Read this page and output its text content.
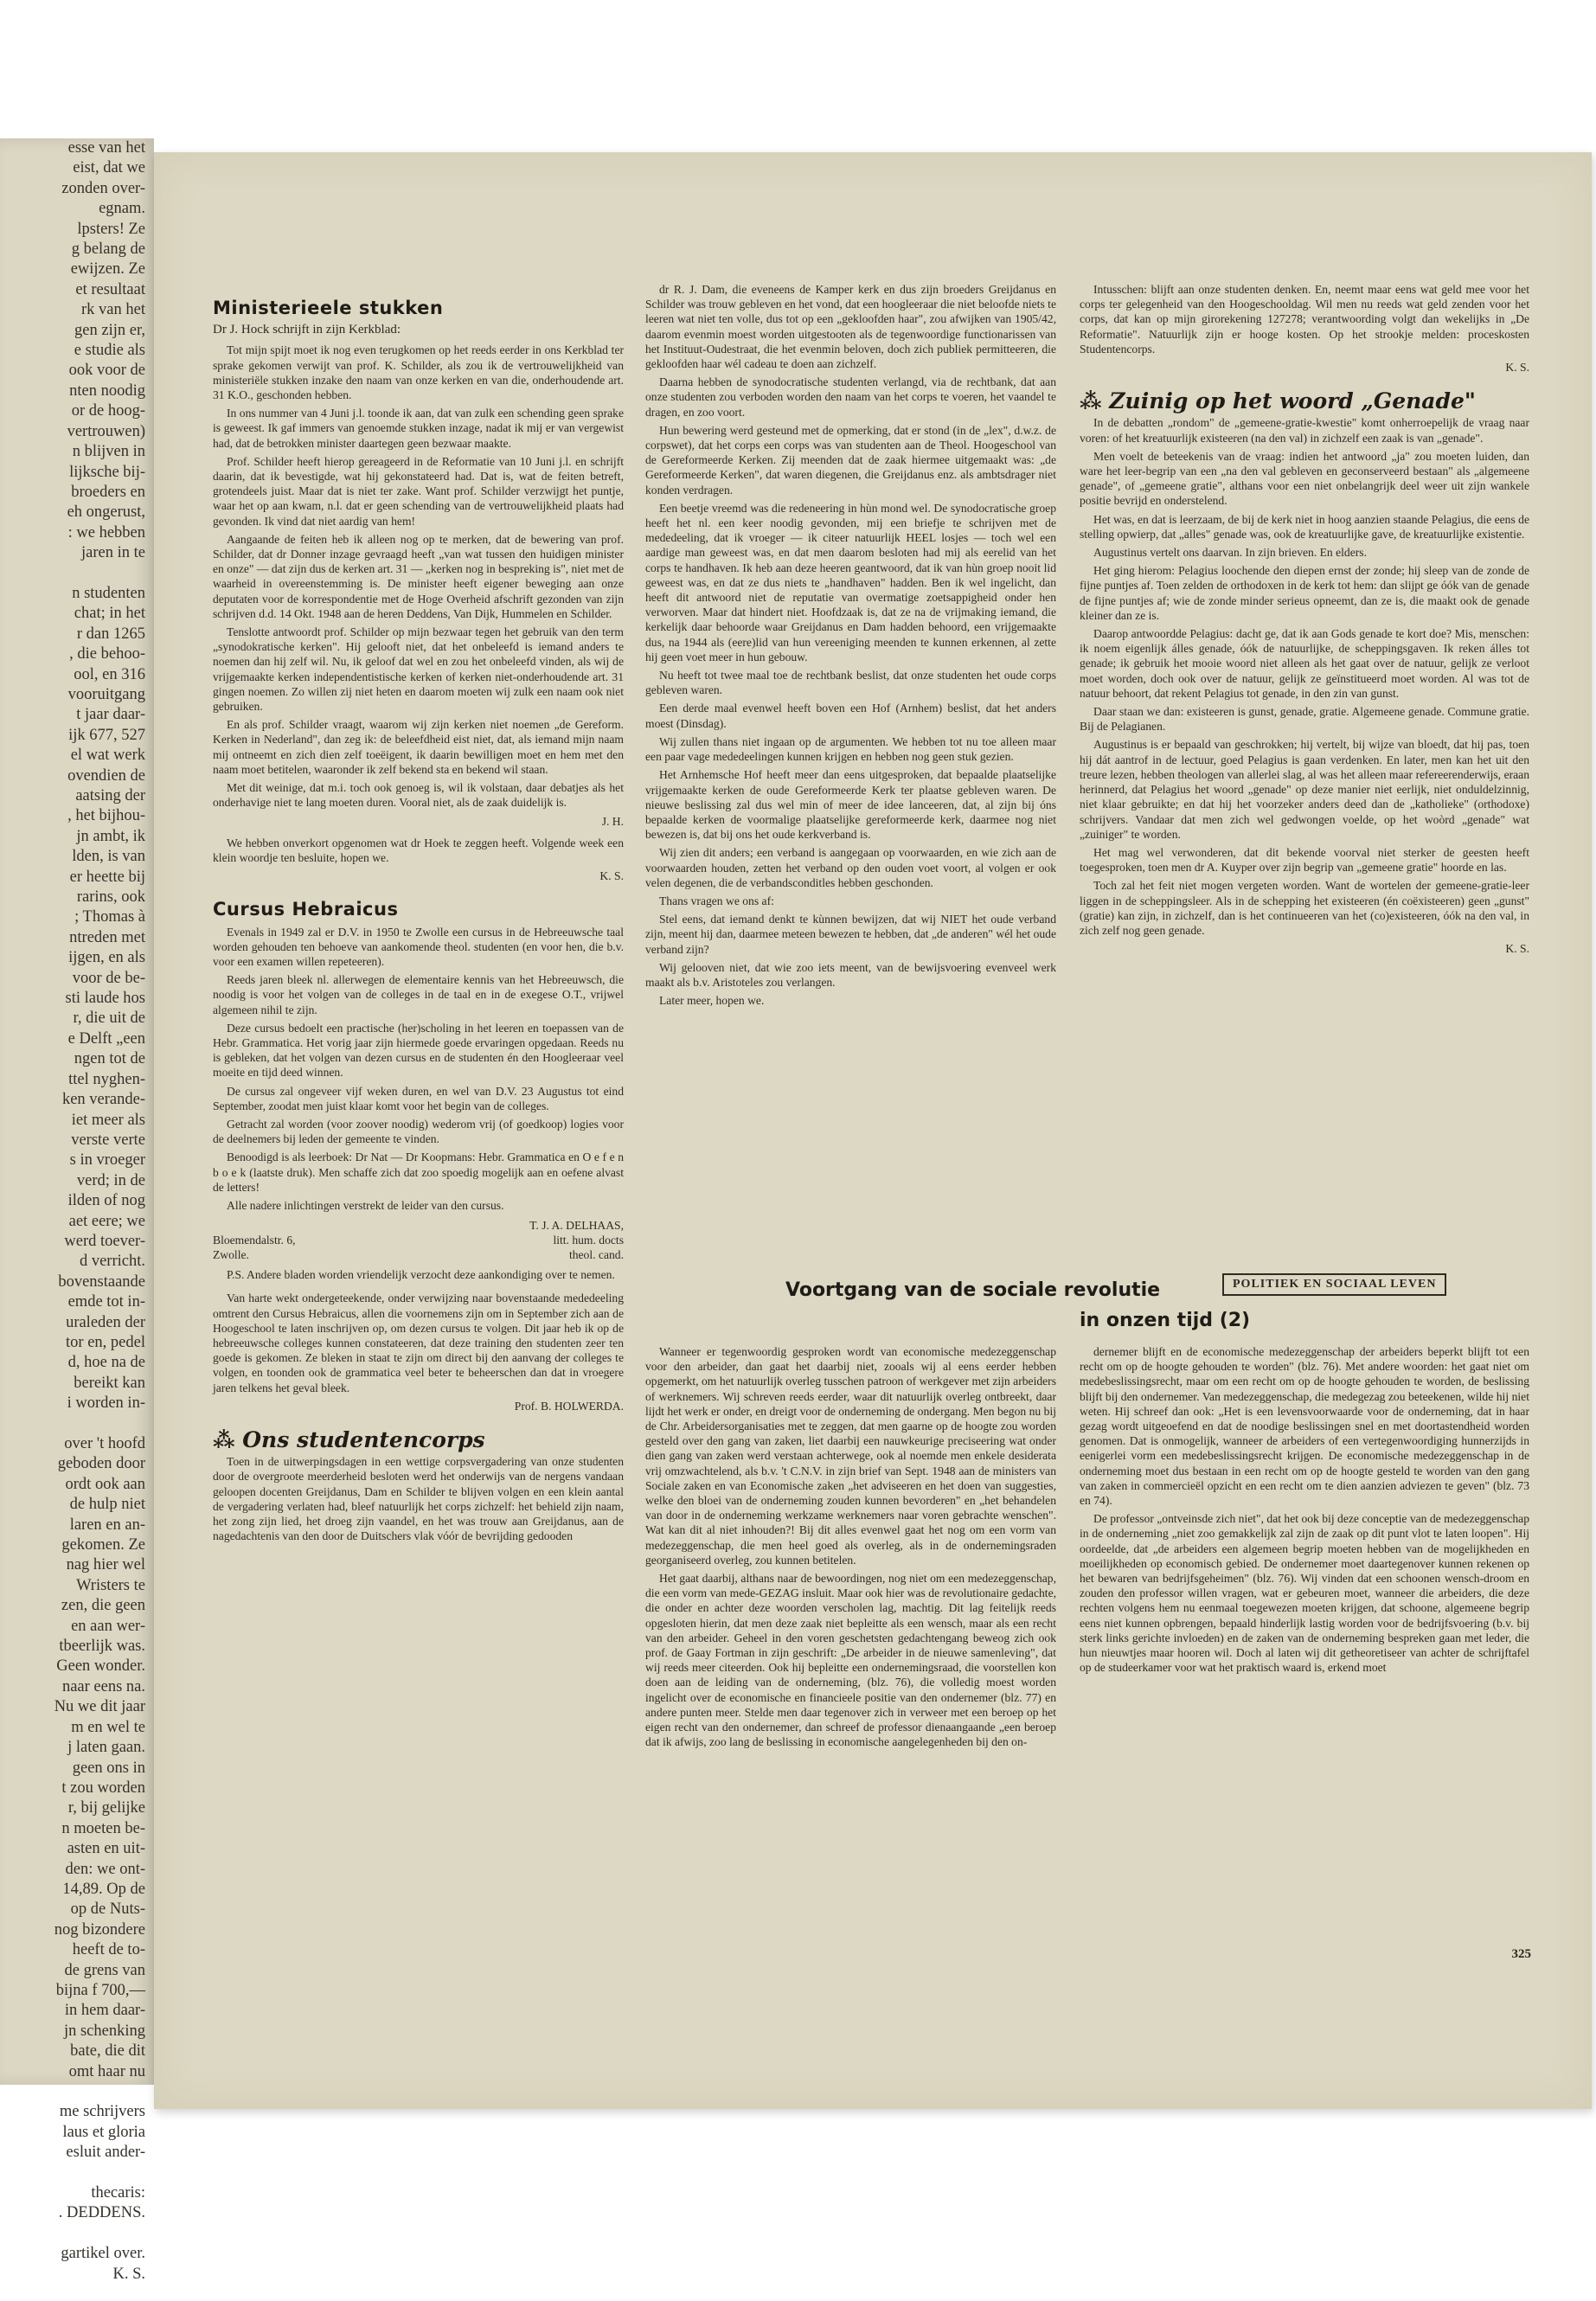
esse van het
eist, dat we
zonden over-
egnam.
lpsters! Ze
g belang de
ewijzen. Ze
et resultaat
rk van het
gen zijn er,
e studie als
ook voor de
nten noodig
or de hoog-
vertrouwen)
n blijven in
lijksche bij-
broeders en
eh ongerust,
: we hebben
jaren in te

n studenten
chat; in het
r dan 1265
, die behoo-
ool, en 316
vooruitgang
t jaar daar-
ijk 677, 527
el wat werk
ovendien de
aatsing der
, het bijhou-
jn ambt, ik
lden, is van
er heette bij
rarins, ook
; Thomas à
ntreden met
ijgen, en als
voor de be-
sti laude hos
r, die uit de
e Delft „een
ngen tot de
ttel nyghen-
ken verande-
iet meer als
verste verte
s in vroeger
verd; in de
ilden of nog
aet eere; we
werd toever-
d verricht.
bovenstaande
emde tot in-
uraleden der
tor en, pedel
d, hoe na de
bereikt kan
i worden in-

over 't hoofd
geboden door
ordt ook aan
de hulp niet
laren en an-
gekomen. Ze
nag hier wel
Wristers te
zen, die geen
en aan wer-
tbeerlijk was.
Geen wonder.
naar eens na.
Nu we dit jaar
m en wel te
j laten gaan.
geen ons in
t zou worden
r, bij gelijke
n moeten be-
asten en uit-
den: we ont-
14,89. Op de
op de Nuts-
nog bizondere
heeft de to-
de grens van
bijna f 700,—
in hem daar-
jn schenking
bate, die dit
omt haar nu

me schrijvers
laus et gloria
esluit ander-

thecaris:
. DEDDENS.

gartikel over.
K. S.
Ministerieele stukken
Dr J. Hock schrijft in zijn Kerkblad:

Tot mijn spijt moet ik nog even terugkomen op het reeds eerder in ons Kerkblad ter sprake gekomen verwijt van prof. K. Schilder, als zou ik de vertrouwelijkheid van ministeriële stukken inzake den naam van onze kerken en van die, onderhoudende art. 31 K.O., geschonden hebben.

In ons nummer van 4 Juni j.l. toonde ik aan, dat van zulk een schending geen sprake is geweest. Ik gaf immers van genoemde stukken inzage, nadat ik mij er van vergewist had, dat de betrokken minister daartegen geen bezwaar maakte.

Prof. Schilder heeft hierop gereageerd in de Reformatie van 10 Juni j.l. en schrijft daarin, dat ik bevestigde, wat hij gekonstateerd had. Dat is, wat de feiten betreft, grotendeels juist. Maar dat is niet ter zake. Want prof. Schilder verzwijgt het puntje, waar het op aan kwam, n.l. dat er geen schending van de vertrouwelijkheid plaats had gevonden. Ik vind dat niet aardig van hem!

Aangaande de feiten heb ik alleen nog op te merken, dat de bewering van prof. Schilder, dat dr Donner inzage gevraagd heeft „van wat tussen den huidigen minister en onze" — dat zijn dus de kerken art. 31 — „kerken nog in bespreking is", niet met de waarheid in overeenstemming is. De minister heeft eigener beweging aan onze deputaten voor de korrespondentie met de Hoge Overheid afschrift gezonden van zijn schrijven d.d. 14 Okt. 1948 aan de heren Deddens, Van Dijk, Hummelen en Schilder.

Tenslotte antwoordt prof. Schilder op mijn bezwaar tegen het gebruik van den term „synodokratische kerken". Hij gelooft niet, dat het onbeleefd is iemand anders te noemen dan hij zelf wil. Nu, ik geloof dat wel en zou het onbeleefd vinden, als wij de vrijgemaakte kerken independentistische kerken of kerken niet-onderhoudende art. 31 gingen noemen. Zo willen zij niet heten en daarom moeten wij zulk een naam ook niet gebruiken.

En als prof. Schilder vraagt, waarom wij zijn kerken niet noemen „de Gereform. Kerken in Nederland", dan zeg ik: de beleefdheid eist niet, dat, als iemand mijn naam mij ontneemt en zich dien zelf toeëigent, ik daarin bewilligen moet en hem met den naam moet betitelen, waaronder ik zelf bekend sta en bekend wil staan.

Met dit weinige, dat m.i. toch ook genoeg is, wil ik volstaan, daar debatjes als het onderhavige niet te lang moeten duren. Vooral niet, als de zaak duidelijk is.

J. H.

We hebben onverkort opgenomen wat dr Hoek te zeggen heeft. Volgende week een klein woordje ten besluite, hopen we.

K. S.
Cursus Hebraicus

Evenals in 1949 zal er D.V. in 1950 te Zwolle een cursus in de Hebreeuwsche taal worden gehouden ten behoeve van aankomende theol. studenten (en voor hen, die b.v. voor een examen willen repeteeren).

Reeds jaren bleek nl. allerwegen de elementaire kennis van het Hebreeuwsch, die noodig is voor het volgen van de colleges in de taal en in de exegese O.T., vrijwel algemeen nihil te zijn.

Deze cursus bedoelt een practische (her)scholing in het leeren en toepassen van de Hebr. Grammatica. Het vorig jaar zijn hiermede goede ervaringen opgedaan. Reeds nu is gebleken, dat het volgen van dezen cursus en de studenten én den Hoogleeraar veel moeite en tijd deed winnen.

De cursus zal ongeveer vijf weken duren, en wel van D.V. 23 Augustus tot eind September, zoodat men juist klaar komt voor het begin van de colleges.

Getracht zal worden (voor zoover noodig) wederom vrij (of goedkoop) logies voor de deelnemers bij leden der gemeente te vinden.

Benoodigd is als leerboek: Dr Nat — Dr Koopmans: Hebr. Grammatica en O e f e n b o e k (laatste druk). Men schaffe zich dat zoo spoedig mogelijk aan en oefene alvast de letters!

Alle nadere inlichtingen verstrekt de leider van den cursus.

T. J. A. DELHAAS,
Bloemendalstr. 6,	litt. hum. docts
Zwolle.	theol. cand.

P.S. Andere bladen worden vriendelijk verzocht deze aankondiging over te nemen.

Van harte wekt ondergeteekende, onder verwijzing naar bovenstaande mededeeling omtrent den Cursus Hebraicus, allen die voornemens zijn om in September zich aan de Hoogeschool te laten inschrijven op, om dezen cursus te volgen. Dit jaar heb ik op de hebreeuwsche colleges kunnen constateeren, dat deze training den studenten zeer ten goede is gekomen. Ze bleken in staat te zijn om direct bij den aanvang der colleges te volgen, en toonden ook de grammatica veel beter te beheerschen dan dat in vroegere jaren telkens het geval bleek.

Prof. B. HOLWERDA.
⁂ Ons studentencorps

Toen in de uitwerpingsdagen in een wettige corpsvergadering van onze studenten door de overgroote meerderheid besloten werd het onderwijs van de nergens vandaan geloopen docenten Greijdanus, Dam en Schilder te blijven volgen en een klein aantal de vergadering verlaten had, bleef natuurlijk het corps zichzelf: het behield zijn naam, het zong zijn lied, het droeg zijn vaandel, en het was trouw aan Greijdanus, aan de nagedachtenis van den door de Duitschers vlak vóór de bevrijding gedooden

dr R. J. Dam, die eveneens de Kamper kerk en dus zijn broeders Greijdanus en Schilder was trouw gebleven en het vond, dat een hoogleeraar die niet beloofde niets te leeren wat niet ten volle, dus tot op een „gekloofden haar", zou afwijken van 1905/42, daarom evenmin moest worden uitgestooten als de tegenwoordige functionarissen van het Instituut-Oudestraat, die het evenmin beloven, doch zich publiek permitteeren, die gekloofden haar wél cadeau te doen aan zichzelf.

Daarna hebben de synodocratische studenten verlangd, via de rechtbank, dat aan onze studenten zou verboden worden den naam van het corps te voeren, het vaandel te dragen, en zoo voort.

Hun bewering werd gesteund met de opmerking, dat er stond (in de „lex", d.w.z. de corpswet), dat het corps een corps was van studenten aan de Theol. Hoogeschool van de Gereformeerde Kerken. Zij meenden dat de zaak hiermee uitgemaakt was: „de Gereformeerde Kerken", dat waren diegenen, die Greijdanus enz. als ambtsdrager niet konden verdragen.

Een beetje vreemd was die redeneering in hùn mond wel. De synodocratische groep heeft het nl. een keer noodig gevonden, mij een briefje te schrijven met de mededeeling, dat ik vroeger — ik citeer natuurlijk HEEL losjes — toch wel een aardige man geweest was, en dat men daarom besloten had mij als eerelid van het corps te handhaven. Ik heb aan deze heeren geantwoord, dat ik van hùn groep nooit lid geweest was, en dat ze dus niets te „handhaven" hadden. Ben ik wel ingelicht, dan heeft dit antwoord niet de reputatie van overmatige zoetsappigheid onder hen verworven. Maar dat hindert niet. Hoofdzaak is, dat ze na de vrijmaking iemand, die kerkelijk daar behoorde waar Greijdanus en Dam hadden behoord, een vrijgemaakte dus, na 1944 als (eere)lid van hun vereeniging meenden te kunnen erkennen, al zette hij geen voet meer in hun gebouw.

Nu heeft tot twee maal toe de rechtbank beslist, dat onze studenten het oude corps gebleven waren.

Een derde maal evenwel heeft boven een Hof (Arnhem) beslist, dat het anders moest (Dinsdag).

Wij zullen thans niet ingaan op de argumenten. We hebben tot nu toe alleen maar een paar vage mededeelingen kunnen krijgen en hebben nog geen stuk gezien.

Het Arnhemsche Hof heeft meer dan eens uitgesproken, dat bepaalde plaatselijke vrijgemaakte kerken de oude Gereformeerde Kerk ter plaatse gebleven waren. De nieuwe beslissing zal dus wel min of meer de idee lanceeren, dat, al zijn bij óns bepaalde kerken de voormalige plaatselijke gereformeerde kerk, daarmee nog niet bewezen is, dat bij ons het oude kerkverband is.

Wij zien dit anders; een verband is aangegaan op voorwaarden, en wie zich aan de voorwaarden houden, zetten het verband op den ouden voet voort, al volgen er ook velen degenen, die de verbandsconditles hebben geschonden.

Thans vragen we ons af:

Stel eens, dat iemand denkt te kùnnen bewijzen, dat wij NIET het oude verband zijn, meent hij dan, daarmee meteen bewezen te hebben, dat „de anderen" wél het oude verband zijn?

Wij gelooven niet, dat wie zoo iets meent, van de bewijsvoering evenveel werk maakt als b.v. Aristoteles zou verlangen.

Later meer, hopen we.

Intusschen: blijft aan onze studenten denken. En, neemt maar eens wat geld mee voor het corps ter gelegenheid van den Hoogeschooldag. Wil men nu reeds wat geld zenden voor het corps, dat kan op mijn girorekening 127278; verantwoording volgt dan wekelijks in „De Reformatie". Natuurlijk zijn er hooge kosten. Op het strookje melden: proceskosten Studentencorps.

K. S.
⁂ Zuinig op het woord „Genade"

In de debatten „rondom" de „gemeene-gratie-kwestie" komt onherroepelijk de vraag naar voren: of het kreatuurlijk existeeren (na den val) in zichzelf een zaak is van „genade".

Men voelt de beteekenis van de vraag: indien het antwoord „ja" zou moeten luiden, dan ware het leer-begrip van een „na den val gebleven en geconserveerd bestaan" als „algemeene genade", of „gemeene gratie", althans voor een niet onbelangrijk deel weer uit zijn wankele positie bevrijd en onderstelend.

Het was, en dat is leerzaam, de bij de kerk niet in hoog aanzien staande Pelagius, die eens de stelling opwierp, dat „alles" genade was, ook de kreatuurlijke gave, de kreatuurlijke existentie.

Augustinus vertelt ons daarvan. In zijn brieven. En elders.

Het ging hierom: Pelagius loochende den diepen ernst der zonde; hij sleep van de zonde de fijne puntjes af. Toen zelden de orthodoxen in de kerk tot hem: dan slijpt ge óók van de genade de fijne puntjes af; wie de zonde minder serieus opneemt, dan ze is, die maakt ook de genade kleiner dan ze is.

Daarop antwoordde Pelagius: dacht ge, dat ik aan Gods genade te kort doe? Mis, menschen: ik noem eigenlijk álles genade, óók de natuurlijke, de scheppingsgaven. Ik reken álles tot genade; ik gebruik het mooie woord niet alleen als het gaat over de natuur, gelijk ze verloot moet worden, doch ook over de natuur, gelijk ze geïnstitueerd moet worden. Al was tot de natuur behoort, dat rekent Pelagius tot genade, in den zin van gunst.

Daar staan we dan: existeeren is gunst, genade, gratie. Algemeene genade. Commune gratie. Bij de Pelagianen.

Augustinus is er bepaald van geschrokken; hij vertelt, bij wijze van bloedt, dat hij pas, toen hij dát aantrof in de lectuur, goed Pelagius is gaan verdenken. En later, men kan het uit den treure lezen, hebben theologen van allerlei slag, al was het alleen maar refereerenderwijs, eraan herinnerd, dat Pelagius het woord „genade" op deze manier niet eerlijk, niet onduldelzinnig, niet klaar gebruikte; en dat hij het voorzeker anders deed dan de „katholieke" (orthodoxe) schrijvers. Vandaar dat men zich wel gedwongen voelde, op het woòrd „genade" wat „zuiniger" te worden.

Het mag wel verwonderen, dat dit bekende voorval niet sterker de geesten heeft toegesproken, toen men dr A. Kuyper over zijn begrip van „gemeene gratie" hoorde en las.

Toch zal het feit niet mogen vergeten worden. Want de wortelen der gemeene-gratie-leer liggen in de scheppingsleer. Als in de schepping het existeeren (én coëxisteeren) geen „gunst" (gratie) kan zijn, in zichzelf, dan is het continueeren van het (co)existeeren, óók na den val, in zich zelf nog geen genade.

K. S.
Voortgang van de sociale revolutie	POLITIEK EN SOCIAAL LEVEN
in onzen tijd (2)

Wanneer er tegenwoordig gesproken wordt van economische medezeggenschap voor den arbeider, dan gaat het daarbij niet, zooals wij al eens eerder hebben opgemerkt, om het natuurlijk overleg tusschen patroon of werkgever met zijn arbeiders of werknemers. Wij schreven reeds eerder, waar dit natuurlijk overleg ontbreekt, daar lijdt het werk er onder, en dreigt voor de onderneming de ondergang. Men begon nu bij de Chr. Arbeidersorganisaties met te zeggen, dat men gaarne op de hoogte zou worden gesteld over den gang van zaken, liet daarbij een nauwkeurige preciseering wat onder dien gang van zaken werd verstaan achterwege, ook al noemde men enkele desiderata vrij omzwachtelend, als b.v. 't C.N.V. in zijn brief van Sept. 1948 aan de ministers van Sociale zaken en van Economische zaken „het adviseeren en het doen van suggesties, welke den bloei van de onderneming zouden kunnen bevorderen" en „het behandelen van door in de onderneming werkzame werknemers naar voren gebrachte wenschen". Wat kan dit al niet inhouden?! Bij dit alles evenwel gaat het nog om een vorm van medezeggenschap, die men heel goed als overleg, als in de ondernemingsraden georganiseerd overleg, zou kunnen betitelen.

Het gaat daarbij, althans naar de bewoordingen, nog niet om een medezeggenschap, die een vorm van mede-GEZAG insluit. Maar ook hier was de revolutionaire gedachte, die onder en achter deze woorden verscholen lag, machtig. Dit lag feitelijk reeds opgesloten hierin, dat men deze zaak niet bepleitte als een wensch, maar als een recht van den arbeider. Geheel in den voren geschetsten gedachtengang beweog zich ook prof. de Gaay Fortman in zijn geschrift: „De arbeider in de nieuwe samenleving", dat wij reeds meer citeerden. Ook hij bepleitte een ondernemingsraad, die voorstellen kon doen aan de leiding van de onderneming, (blz. 76), die volledig moest worden ingelicht over de economische en financieele positie van den ondernemer (blz. 77) en andere punten meer. Stelde men daar tegenover zich in verweer met een beroep op het eigen recht van den ondernemer, dan schreef de professor dienaangaande „een beroep dat ik afwijs, zoo lang de beslissing in economische aangelegenheden bij den on-

dernemer blijft en de economische medezeggenschap der arbeiders beperkt blijft tot een recht om op de hoogte gehouden te worden" (blz. 76). Met andere woorden: het gaat niet om medebeslissingsrecht, maar om een recht om op de hoogte gehouden te worden, de beslissing blijft bij den ondernemer. Van medezeggenschap, die medegezag zou beteekenen, wilde hij niet weten. Hij schreef dan ook: „Het is een levensvoorwaarde voor de onderneming, dat in haar gezag wordt uitgeoefend en dat de noodige beslissingen snel en met doortastendheid worden genomen. Dat is onmogelijk, wanneer de arbeiders of een vertegenwoordiging hunnerzijds in eenigerlei vorm een medebeslissingsrecht krijgen. De economische medezeggenschap in de onderneming moet dus bestaan in een recht om op de hoogte gesteld te worden van den gang van zaken in commercieël opzicht en een recht om te dien aanzien adviezen te geven" (blz. 73 en 74).

De professor „ontveinsde zich niet", dat het ook bij deze conceptie van de medezeggenschap in de onderneming „niet zoo gemakkelijk zal zijn de zaak op dit punt vlot te laten loopen". Hij oordeelde, dat „de arbeiders een algemeen begrip moeten hebben van de mogelijkheden en moeilijkheden op economisch gebied. De ondernemer moet daartegenover kunnen rekenen op het bewaren van bedrijfsgeheimen" (blz. 76). Wij vinden dat een schoonen wensch-droom en zouden den professor willen vragen, wat er gebeuren moet, wanneer die arbeiders, die deze rechten volgens hem nu eenmaal toegewezen moeten krijgen, dat schoone, algemeene begrip eens niet kunnen opbrengen, bepaald hinderlijk lastig worden voor de bedrijfsvoering (b.v. bij sterk links gerichte invloeden) en de zaken van de onderneming bespreken gaan met leder, die hun nieuwtjes maar hooren wil. Doch al laten wij dit getheoretiseer van achter de schrijftafel op de studeerkamer voor wat het praktisch waard is, erkend moet

325
